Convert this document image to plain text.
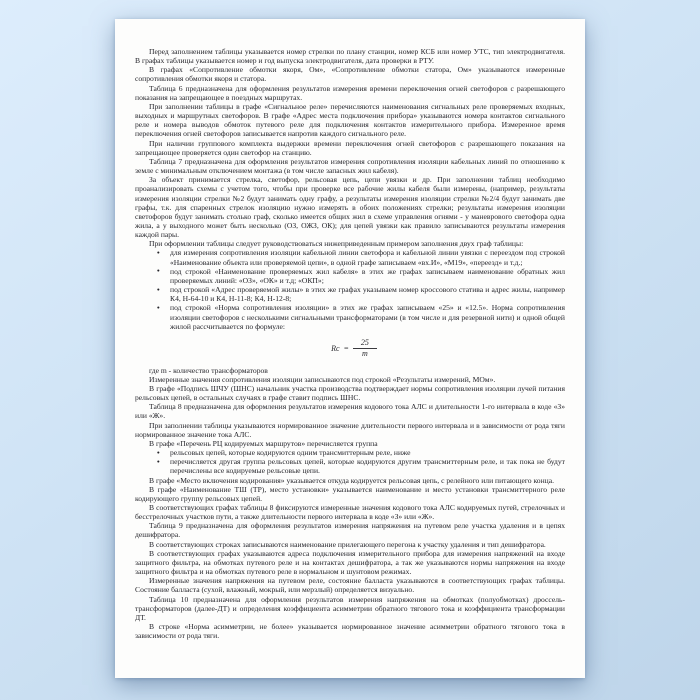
Перед заполнением таблицы указывается номер стрелки по плану станции, номер КСБ или номер УТС, тип электродвигателя. В графах таблицы указывается номер и год выпуска электродвигателя, дата проверки в РТУ.

В графах «Сопротивление обмотки якоря, Ом», «Сопротивление обмотки статора, Ом» указываются измеренные сопротивления обмотки якоря и статора.

Таблица 6 предназначена для оформления результатов измерения времени переключения огней светофоров с разрешающего показания на запрещающее в поездных маршрутах.

При заполнении таблицы в графе «Сигнальное реле» перечисляются наименования сигнальных реле проверяемых входных, выходных и маршрутных светофоров. В графе «Адрес места подключения прибора» указываются номера контактов сигнального реле и номера выводов обмоток путевого реле для подключения контактов измерительного прибора. Измеренное время переключения огней светофоров записывается напротив каждого сигнального реле.

При наличии группового комплекта выдержки времени переключения огней светофоров с разрешающего показания на запрещающее проверяется один светофор на станцию.

Таблица 7 предназначена для оформления результатов измерения сопротивления изоляции кабельных линий по отношению к земле с минимальным отключением монтажа (в том числе запасных жил кабеля).

За объект принимается стрелка, светофор, рельсовая цепь, цепи увязки и др. При заполнении таблиц необходимо проанализировать схемы с учетом того, чтобы при проверке все рабочие жилы кабеля были измерены, (например, результаты измерения изоляции стрелки №2 будут занимать одну графу, а результаты измерения изоляции стрелки №2/4 будут занимать две графы, т.к. для спаренных стрелок изоляцию нужно измерять в обоих положениях стрелки; результаты измерения изоляции светофоров будут занимать столько граф, сколько имеется общих жил в схеме управления огнями - у маневрового светофора одна жила, а у выходного может быть несколько (ОЗ, ОЖЗ, ОК); для цепей увязки как правило записываются результаты измерения каждой пары.

При оформлении таблицы следует руководствоваться нижеприведенным примером заполнения двух граф таблицы:

• для измерения сопротивления изоляции кабельной линии светофора и кабельной линии увязки с переездом под строкой «Наименование объекта или проверяемой цепи», в одной графе записываем «вх.И», «М19», «переезд» и т.д.;
• под строкой «Наименование проверяемых жил кабеля» в этих же графах записываем наименование обратных жил проверяемых линий: «ОЗ», «ОК» и т.д; «ОКП»;
• под строкой «Адрес проверяемой жилы» в этих же графах указываем номер кроссового статива и адрес жилы, например К4, Н-64-10 и К4, Н-11-8; К4, Н-12-8;
• под строкой «Норма сопротивления изоляции» в этих же графах записываем «25» и «12.5». Норма сопротивления изоляции светофоров с несколькими сигнальными трансформаторами (в том числе и для резервной нити) и одной общей жилой рассчитывается по формуле:
$Rc = \frac{25}{m}$

где m - количество трансформаторов

Измеренные значения сопротивления изоляции записываются под строкой «Результаты измерений, МОм».

В графе «Подпись ШЧУ (ШНС) начальник участка производства подтверждает нормы сопротивления изоляции лучей питания рельсовых цепей, в остальных случаях в графе ставит подпись ШНС.

Таблица 8 предназначена для оформления результатов измерения кодового тока АЛС и длительности 1-го интервала в коде «З» или «Ж».

При заполнении таблицы указываются нормированное значение длительности первого интервала и в зависимости от рода тяги нормированное значение тока АЛС.

В графе «Перечень РЦ кодируемых маршрутов» перечисляется группа

• рельсовых цепей, которые кодируются одним трансмиттерным реле, ниже
• перечисляется другая группа рельсовых цепей, которые кодируются другим трансмиттерным реле, и так пока не будут перечислены все кодируемые рельсовые цепи.

В графе «Место включения кодирования» указывается откуда кодируется рельсовая цепь, с релейного или питающего конца.

В графе «Наименование ТШ (ТР), место установки» указывается наименование и место установки трансмиттерного реле кодирующего группу рельсовых цепей.

В соответствующих графах таблицы 8 фиксируются измеренные значения кодового тока АЛС кодируемых путей, стрелочных и бесстрелочных участков пути, а также длительности первого интервала в коде «З» или «Ж».

Таблица 9 предназначена для оформления результатов измерения напряжения на путевом реле участка удаления и в цепях дешифратора.

В соответствующих строках записываются наименование прилегающего перегона к участку удаления и тип дешифратора.

В соответствующих графах указываются адреса подключения измерительного прибора для измерения напряжений на входе защитного фильтра, на обмотках путевого реле и на контактах дешифратора, а так же указываются нормы напряжения на входе защитного фильтра и на обмотках путевого реле в нормальном и шунтовом режимах.

Измеренные значения напряжения на путевом реле, состояние балласта указываются в соответствующих графах таблицы. Состояние балласта (сухой, влажный, мокрый, или мерзлый) определяется визуально.

Таблица 10 предназначена для оформления результатов измерения напряжения на обмотках (полуобмотках) дроссель-трансформаторов (далее-ДТ) и определения коэффициента асимметрии обратного тягового тока и коэффициента трансформации ДТ.

В строке «Норма асимметрии, не более» указывается нормированное значение асимметрии обратного тягового тока в зависимости от рода тяги.
